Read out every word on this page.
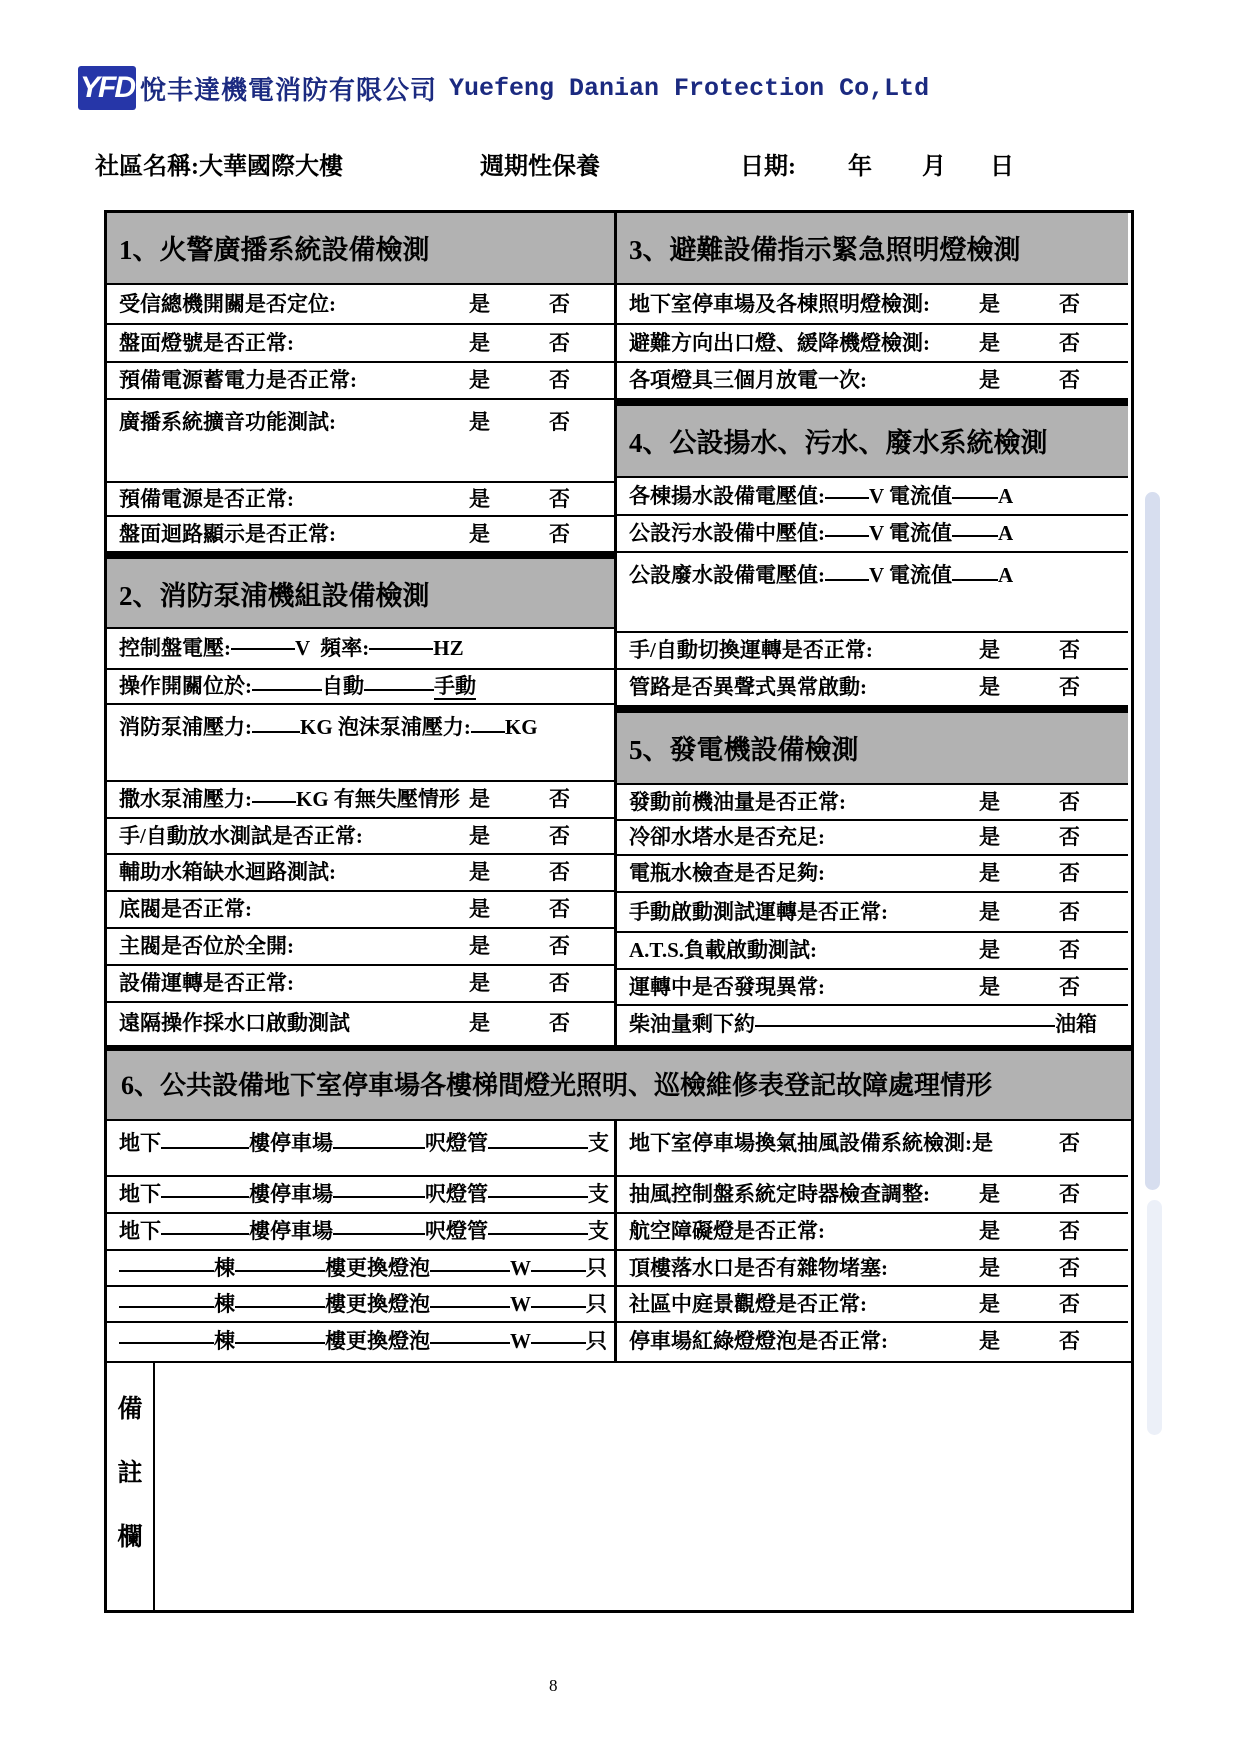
YFD 悅丰達機電消防有限公司 Yuefeng Danian Frotection Co,Ltd
社區名稱:大華國際大樓	週期性保養	日期: 年 月 日
1、火警廣播系統設備檢測
受信總機開關是否定位:	是	否
盤面燈號是否正常:	是	否
預備電源蓄電力是否正常:	是	否
廣播系統擴音功能測試:	是	否
預備電源是否正常:	是	否
盤面迴路顯示是否正常:	是	否
2、消防泵浦機組設備檢測
控制盤電壓:	V  頻率:	HZ
操作開關位於:	自動	手動
消防泵浦壓力: KG 泡沫泵浦壓力: KG
撒水泵浦壓力: KG 有無失壓情形 是	否
手/自動放水測試是否正常:	是	否
輔助水箱缺水迴路測試:	是	否
底閥是否正常:	是	否
主閥是否位於全開:	是	否
設備運轉是否正常:	是	否
遠隔操作採水口啟動測試	是	否
3、避難設備指示緊急照明燈檢測
地下室停車場及各棟照明燈檢測: 是	否
避難方向出口燈、緩降機燈檢測: 是	否
各項燈具三個月放電一次:	是	否
4、公設揚水、污水、廢水系統檢測
各棟揚水設備電壓值: V 電流值 A
公設污水設備中壓值: V 電流值 A
公設廢水設備電壓值: V 電流值 A
手/自動切換運轉是否正常:	是	否
管路是否異聲式異常啟動:	是	否
5、發電機設備檢測
發動前機油量是否正常:	是	否
冷卻水塔水是否充足:	是	否
電瓶水檢查是否足夠:	是	否
手動啟動測試運轉是否正常:	是	否
A.T.S.負載啟動測試:	是	否
運轉中是否發現異常:	是	否
柴油量剩下約	油箱
6、公共設備地下室停車場各樓梯間燈光照明、巡檢維修表登記故障處理情形
地下	樓停車場	呎燈管	支
地下	樓停車場	呎燈管	支
地下	樓停車場	呎燈管	支
棟	樓更換燈泡	W	只
棟	樓更換燈泡	W	只
棟	樓更換燈泡	W	只
地下室停車場換氣抽風設備系統檢測:是	否
抽風控制盤系統定時器檢查調整: 是	否
航空障礙燈是否正常:	是	否
頂樓落水口是否有雜物堵塞:	是	否
社區中庭景觀燈是否正常:	是	否
停車場紅綠燈燈泡是否正常:	是	否
備
註
欄
8
